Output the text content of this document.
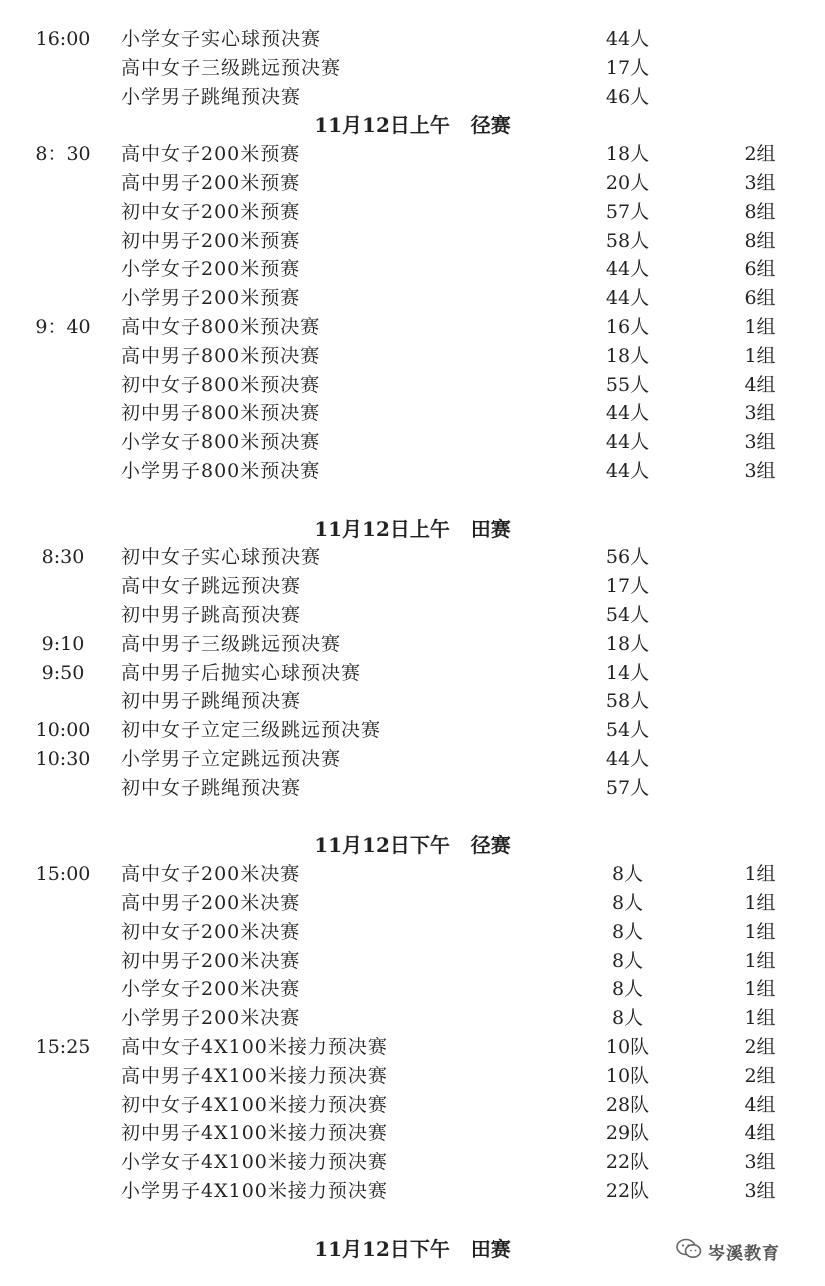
16:00	小学女子实心球预决赛	44人
高中女子三级跳远预决赛	17人
小学男子跳绳预决赛	46人
11月12日上午   径赛
8：30	高中女子200米预赛	18人	2组
高中男子200米预赛	20人	3组
初中女子200米预赛	57人	8组
初中男子200米预赛	58人	8组
小学女子200米预赛	44人	6组
小学男子200米预赛	44人	6组
9：40	高中女子800米预决赛	16人	1组
高中男子800米预决赛	18人	1组
初中女子800米预决赛	55人	4组
初中男子800米预决赛	44人	3组
小学女子800米预决赛	44人	3组
小学男子800米预决赛	44人	3组
11月12日上午   田赛
8:30	初中女子实心球预决赛	56人
高中女子跳远预决赛	17人
初中男子跳高预决赛	54人
9:10	高中男子三级跳远预决赛	18人
9:50	高中男子后抛实心球预决赛	14人
初中男子跳绳预决赛	58人
10:00	初中女子立定三级跳远预决赛	54人
10:30	小学男子立定跳远预决赛	44人
初中女子跳绳预决赛	57人
11月12日下午   径赛
15:00	高中女子200米决赛	8人	1组
高中男子200米决赛	8人	1组
初中女子200米决赛	8人	1组
初中男子200米决赛	8人	1组
小学女子200米决赛	8人	1组
小学男子200米决赛	8人	1组
15:25	高中女子4X100米接力预决赛	10队	2组
高中男子4X100米接力预决赛	10队	2组
初中女子4X100米接力预决赛	28队	4组
初中男子4X100米接力预决赛	29队	4组
小学女子4X100米接力预决赛	22队	3组
小学男子4X100米接力预决赛	22队	3组
11月12日下午   田赛	岑溪教育
